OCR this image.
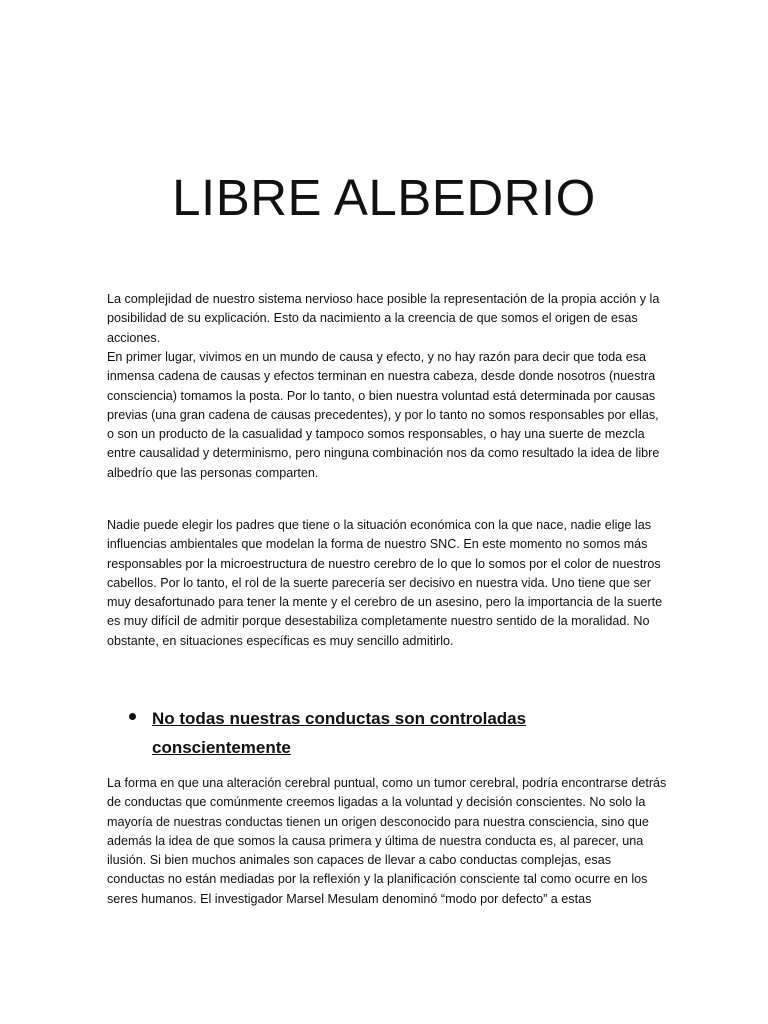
LIBRE ALBEDRIO

La complejidad de nuestro sistema nervioso hace posible la representación de la propia acción y la posibilidad de su explicación. Esto da nacimiento a la creencia de que somos el origen de esas acciones.

En primer lugar, vivimos en un mundo de causa y efecto, y no hay razón para decir que toda esa inmensa cadena de causas y efectos terminan en nuestra cabeza, desde donde nosotros (nuestra consciencia) tomamos la posta. Por lo tanto, o bien nuestra voluntad está determinada por causas previas (una gran cadena de causas precedentes), y por lo tanto no somos responsables por ellas, o son un producto de la casualidad y tampoco somos responsables, o hay una suerte de mezcla entre causalidad y determinismo, pero ninguna combinación nos da como resultado la idea de libre albedrío que las personas comparten.

Nadie puede elegir los padres que tiene o la situación económica con la que nace, nadie elige las influencias ambientales que modelan la forma de nuestro SNC. En este momento no somos más responsables por la microestructura de nuestro cerebro de lo que lo somos por el color de nuestros cabellos. Por lo tanto, el rol de la suerte parecería ser decisivo en nuestra vida. Uno tiene que ser muy desafortunado para tener la mente y el cerebro de un asesino, pero la importancia de la suerte es muy difícil de admitir porque desestabiliza completamente nuestro sentido de la moralidad. No obstante, en situaciones específicas es muy sencillo admitirlo.

No todas nuestras conductas son controladas conscientemente

La forma en que una alteración cerebral puntual, como un tumor cerebral, podría encontrarse detrás de conductas que comúnmente creemos ligadas a la voluntad y decisión conscientes. No solo la mayoría de nuestras conductas tienen un origen desconocido para nuestra consciencia, sino que además la idea de que somos la causa primera y última de nuestra conducta es, al parecer, una ilusión. Si bien muchos animales son capaces de llevar a cabo conductas complejas, esas conductas no están mediadas por la reflexión y la planificación consciente tal como ocurre en los seres humanos. El investigador Marsel Mesulam denominó “modo por defecto” a estas
